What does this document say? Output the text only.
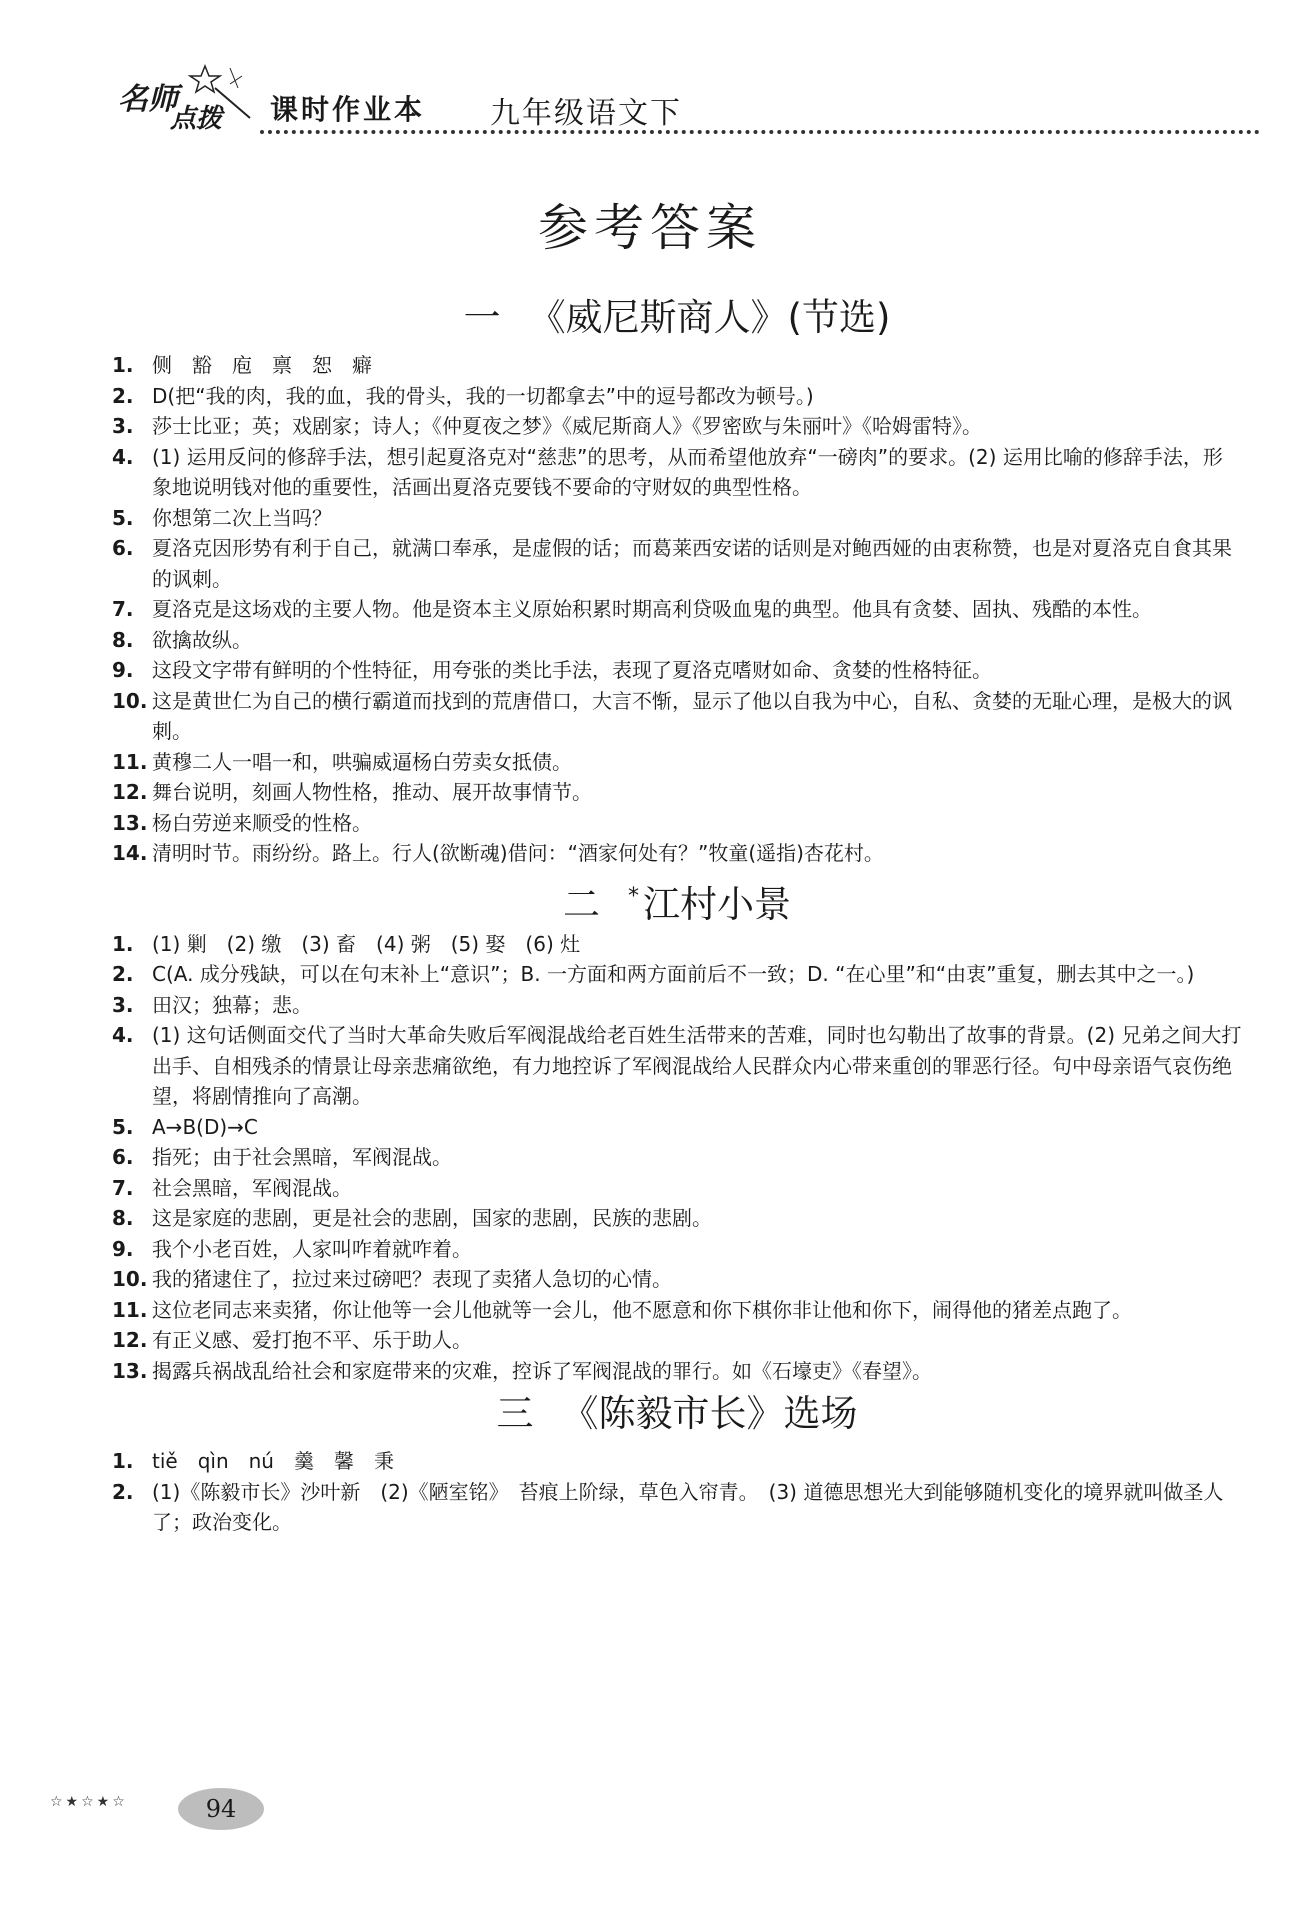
名师
点拨 课时作业本 九年级语文下
参考答案
一 《威尼斯商人》(节选)
1. 侧　豁　庖　禀　恕　癖
2. D(把“我的肉，我的血，我的骨头，我的一切都拿去”中的逗号都改为顿号。)
3. 莎士比亚；英；戏剧家；诗人；《仲夏夜之梦》《威尼斯商人》《罗密欧与朱丽叶》《哈姆雷特》。
4. (1) 运用反问的修辞手法，想引起夏洛克对“慈悲”的思考，从而希望他放弃“一磅肉”的要求。(2) 运用比喻的修辞手法，形象地说明钱对他的重要性，活画出夏洛克要钱不要命的守财奴的典型性格。
5. 你想第二次上当吗？
6. 夏洛克因形势有利于自己，就满口奉承，是虚假的话；而葛莱西安诺的话则是对鲍西娅的由衷称赞，也是对夏洛克自食其果的讽刺。
7. 夏洛克是这场戏的主要人物。他是资本主义原始积累时期高利贷吸血鬼的典型。他具有贪婪、固执、残酷的本性。
8. 欲擒故纵。
9. 这段文字带有鲜明的个性特征，用夸张的类比手法，表现了夏洛克嗜财如命、贪婪的性格特征。
10. 这是黄世仁为自己的横行霸道而找到的荒唐借口，大言不惭，显示了他以自我为中心，自私、贪婪的无耻心理，是极大的讽刺。
11. 黄穆二人一唱一和，哄骗威逼杨白劳卖女抵债。
12. 舞台说明，刻画人物性格，推动、展开故事情节。
13. 杨白劳逆来顺受的性格。
14. 清明时节。雨纷纷。路上。行人(欲断魂)借问：“酒家何处有？”牧童(遥指)杏花村。
二 * 江村小景
1. (1) 剿　(2) 缴　(3) 畜　(4) 粥　(5) 娶　(6) 灶
2. C(A. 成分残缺，可以在句末补上“意识”；B. 一方面和两方面前后不一致；D. “在心里”和“由衷”重复，删去其中之一。)
3. 田汉；独幕；悲。
4. (1) 这句话侧面交代了当时大革命失败后军阀混战给老百姓生活带来的苦难，同时也勾勒出了故事的背景。(2) 兄弟之间大打出手、自相残杀的情景让母亲悲痛欲绝，有力地控诉了军阀混战给人民群众内心带来重创的罪恶行径。句中母亲语气哀伤绝望，将剧情推向了高潮。
5. A→B(D)→C
6. 指死；由于社会黑暗，军阀混战。
7. 社会黑暗，军阀混战。
8. 这是家庭的悲剧，更是社会的悲剧，国家的悲剧，民族的悲剧。
9. 我个小老百姓，人家叫咋着就咋着。
10. 我的猪逮住了，拉过来过磅吧？表现了卖猪人急切的心情。
11. 这位老同志来卖猪，你让他等一会儿他就等一会儿，他不愿意和你下棋你非让他和你下，闹得他的猪差点跑了。
12. 有正义感、爱打抱不平、乐于助人。
13. 揭露兵祸战乱给社会和家庭带来的灾难，控诉了军阀混战的罪行。如《石壕吏》《春望》。
三 《陈毅市长》选场
1. tiě　qìn　nú　羹　馨　秉
2. (1)《陈毅市长》沙叶新　(2)《陋室铭》　苔痕上阶绿，草色入帘青。　(3) 道德思想光大到能够随机变化的境界就叫做圣人了；政治变化。
☆★☆★☆	94
